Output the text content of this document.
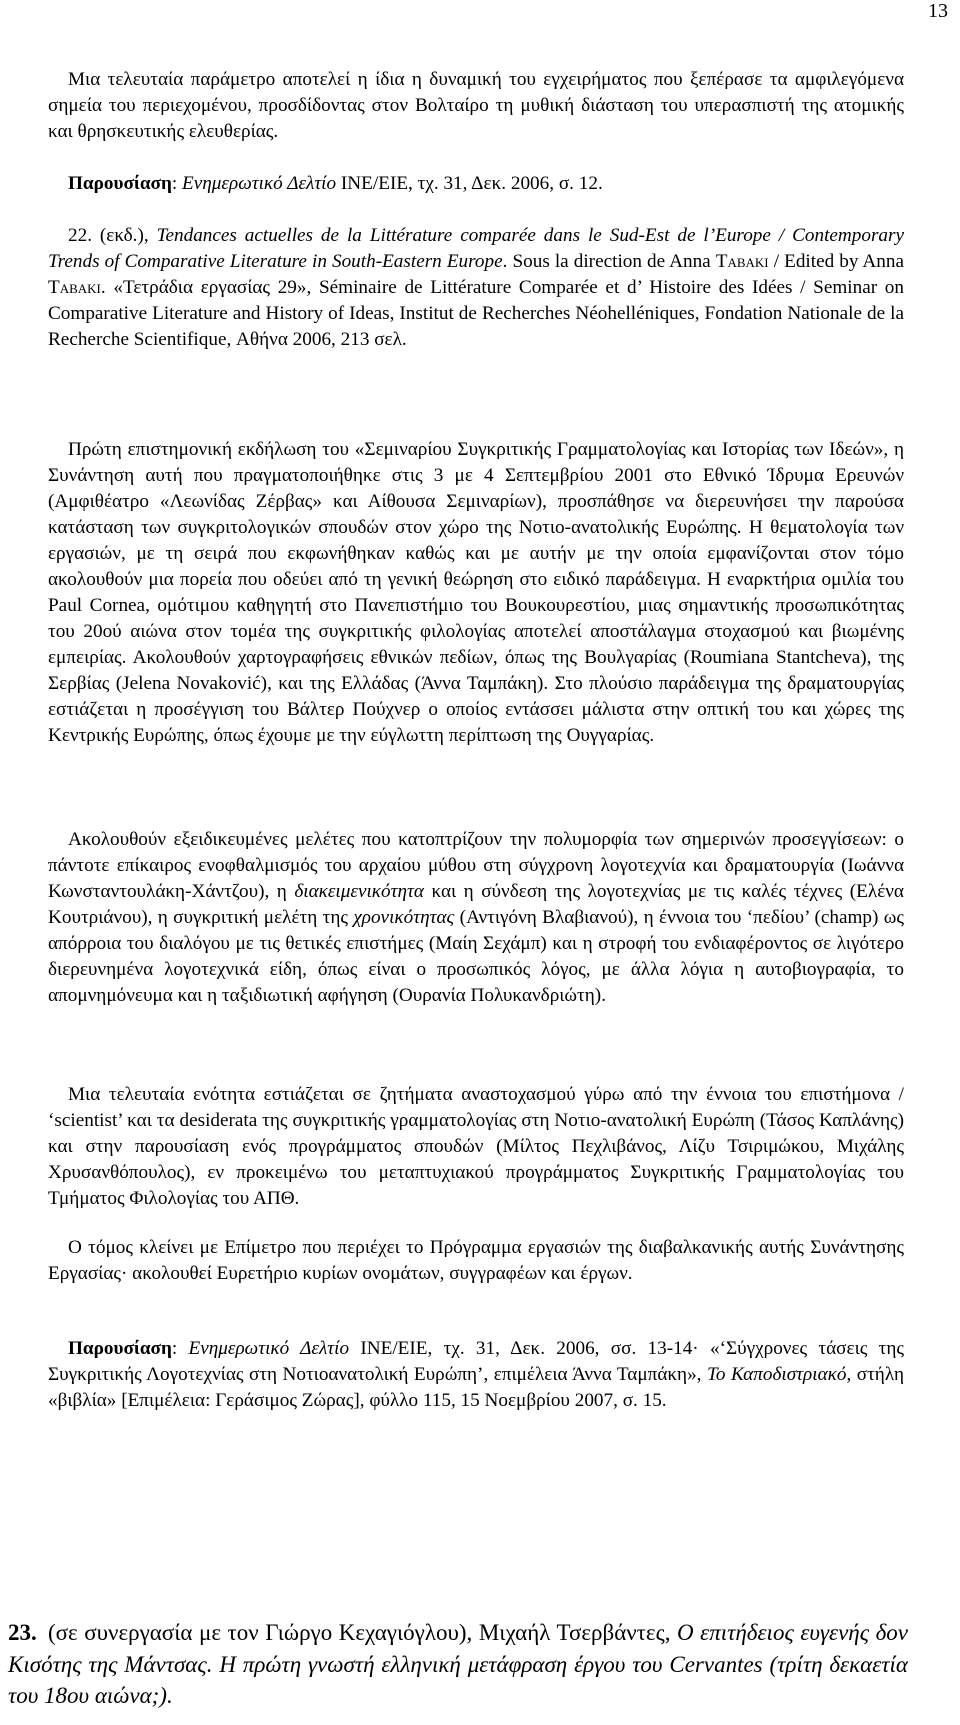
13

Μια τελευταία παράμετρο αποτελεί η ίδια η δυναμική του εγχειρήματος που ξεπέρασε τα αμφιλεγόμενα σημεία του περιεχομένου, προσδίδοντας στον Βολταίρο τη μυθική διάσταση του υπερασπιστή της ατομικής και θρησκευτικής ελευθερίας.

Παρουσίαση: Ενημερωτικό Δελτίο ΙΝΕ/ΕΙΕ, τχ. 31, Δεκ. 2006, σ. 12.

22. (εκδ.), Tendances actuelles de la Littérature comparée dans le Sud-Est de l’Europe / Contemporary Trends of Comparative Literature in South-Eastern Europe. Sous la direction de Anna Tabaki / Edited by Anna Tabaki. «Τετράδια εργασίας 29», Séminaire de Littérature Comparée et d’ Histoire des Idées / Seminar on Comparative Literature and History of Ideas, Institut de Recherches Néohelléniques, Fondation Nationale de la Recherche Scientifique, Αθήνα 2006, 213 σελ.

Πρώτη επιστημονική εκδήλωση του «Σεμιναρίου Συγκριτικής Γραμματολογίας και Ιστορίας των Ιδεών», η Συνάντηση αυτή που πραγματοποιήθηκε στις 3 με 4 Σεπτεμβρίου 2001 στο Εθνικό Ίδρυμα Ερευνών (Αμφιθέατρο «Λεωνίδας Ζέρβας» και Αίθουσα Σεμιναρίων), προσπάθησε να διερευνήσει την παρούσα κατάσταση των συγκριτολογικών σπουδών στον χώρο της Νοτιο-ανατολικής Ευρώπης. Η θεματολογία των εργασιών, με τη σειρά που εκφωνήθηκαν καθώς και με αυτήν με την οποία εμφανίζονται στον τόμο ακολουθούν μια πορεία που οδεύει από τη γενική θεώρηση στο ειδικό παράδειγμα. Η εναρκτήρια ομιλία του Paul Cornea, ομότιμου καθηγητή στο Πανεπιστήμιο του Βουκουρεστίου, μιας σημαντικής προσωπικότητας του 20ού αιώνα στον τομέα της συγκριτικής φιλολογίας αποτελεί αποστάλαγμα στοχασμού και βιωμένης εμπειρίας. Ακολουθούν χαρτογραφήσεις εθνικών πεδίων, όπως της Βουλγαρίας (Roumiana Stantcheva), της Σερβίας (Jelena Novaković), και της Ελλάδας (Άννα Ταμπάκη). Στο πλούσιο παράδειγμα της δραματουργίας εστιάζεται η προσέγγιση του Βάλτερ Πούχνερ ο οποίος εντάσσει μάλιστα στην οπτική του και χώρες της Κεντρικής Ευρώπης, όπως έχουμε με την εύγλωττη περίπτωση της Ουγγαρίας.

Ακολουθούν εξειδικευμένες μελέτες που κατοπτρίζουν την πολυμορφία των σημερινών προσεγγίσεων: ο πάντοτε επίκαιρος ενοφθαλμισμός του αρχαίου μύθου στη σύγχρονη λογοτεχνία και δραματουργία (Ιωάννα Κωνσταντουλάκη-Χάντζου), η διακειμενικότητα και η σύνδεση της λογοτεχνίας με τις καλές τέχνες (Ελένα Κουτριάνου), η συγκριτική μελέτη της χρονικότητας (Αντιγόνη Βλαβιανού), η έννοια του ‘πεδίου’ (champ) ως απόρροια του διαλόγου με τις θετικές επιστήμες (Μαίη Σεχάμπ) και η στροφή του ενδιαφέροντος σε λιγότερο διερευνημένα λογοτεχνικά είδη, όπως είναι ο προσωπικός λόγος, με άλλα λόγια η αυτοβιογραφία, το απομνημόνευμα και η ταξιδιωτική αφήγηση (Ουρανία Πολυκανδριώτη).

Μια τελευταία ενότητα εστιάζεται σε ζητήματα αναστοχασμού γύρω από την έννοια του επιστήμονα / ‘scientist’ και τα desiderata της συγκριτικής γραμματολογίας στη Νοτιο-ανατολική Ευρώπη (Τάσος Καπλάνης) και στην παρουσίαση ενός προγράμματος σπουδών (Μίλτος Πεχλιβάνος, Λίζυ Τσιριμώκου, Μιχάλης Χρυσανθόπουλος), εν προκειμένω του μεταπτυχιακού προγράμματος Συγκριτικής Γραμματολογίας του Τμήματος Φιλολογίας του ΑΠΘ.

Ο τόμος κλείνει με Επίμετρο που περιέχει το Πρόγραμμα εργασιών της διαβαλκανικής αυτής Συνάντησης Εργασίας· ακολουθεί Ευρετήριο κυρίων ονομάτων, συγγραφέων και έργων.

Παρουσίαση: Ενημερωτικό Δελτίο ΙΝΕ/ΕΙΕ, τχ. 31, Δεκ. 2006, σσ. 13-14· «‘Σύγχρονες τάσεις της Συγκριτικής Λογοτεχνίας στη Νοτιοανατολική Ευρώπη’, επιμέλεια Άννα Ταμπάκη», Το Καποδιστριακό, στήλη «βιβλία» [Επιμέλεια: Γεράσιμος Ζώρας], φύλλο 115, 15 Νοεμβρίου 2007, σ. 15.

23. (σε συνεργασία με τον Γιώργο Κεχαγιόγλου), Μιχαήλ Τσερβάντες, Ο επιτήδειος ευγενής δον Κισότης της Μάντσας. Η πρώτη γνωστή ελληνική μετάφραση έργου του Cervantes (τρίτη δεκαετία του 18ου αιώνα;).
